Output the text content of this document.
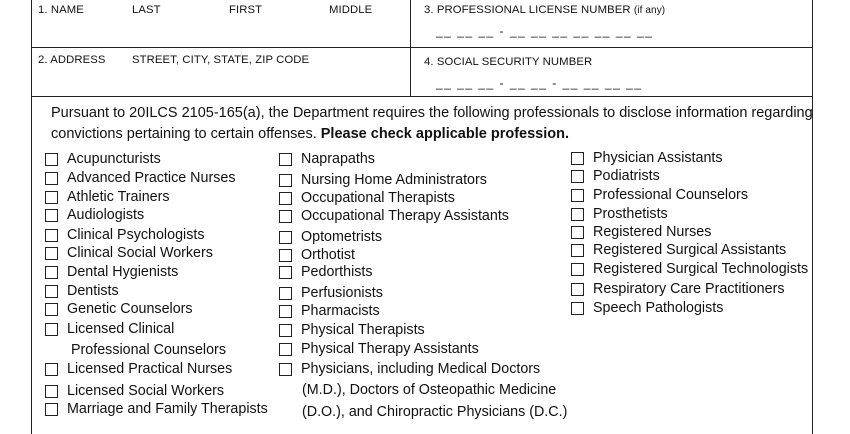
1. NAME	LAST	FIRST	MIDDLE	3. PROFESSIONAL LICENSE NUMBER (if any)
__ __ __ - __ __ __ __ __ __ __
2. ADDRESS STREET, CITY, STATE, ZIP CODE	4. SOCIAL SECURITY NUMBER
__ __ __ - __ __ - __ __ __ __
Pursuant to 20ILCS 2105-165(a), the Department requires the following professionals to disclose information regarding
convictions pertaining to certain offenses. Please check applicable profession.
Acupuncturists
Advanced Practice Nurses
Athletic Trainers
Audiologists
Clinical Psychologists
Clinical Social Workers
Dental Hygienists
Dentists
Genetic Counselors
Licensed Clinical
Professional Counselors
Licensed Practical Nurses
Licensed Social Workers
Marriage and Family Therapists
Naprapaths
Nursing Home Administrators
Occupational Therapists
Occupational Therapy Assistants
Optometrists
Orthotist
Pedorthists
Perfusionists
Pharmacists
Physical Therapists
Physical Therapy Assistants
Physicians, including Medical Doctors
(M.D.), Doctors of Osteopathic Medicine
(D.O.), and Chiropractic Physicians (D.C.)
Physician Assistants
Podiatrists
Professional Counselors
Prosthetists
Registered Nurses
Registered Surgical Assistants
Registered Surgical Technologists
Respiratory Care Practitioners
Speech Pathologists
